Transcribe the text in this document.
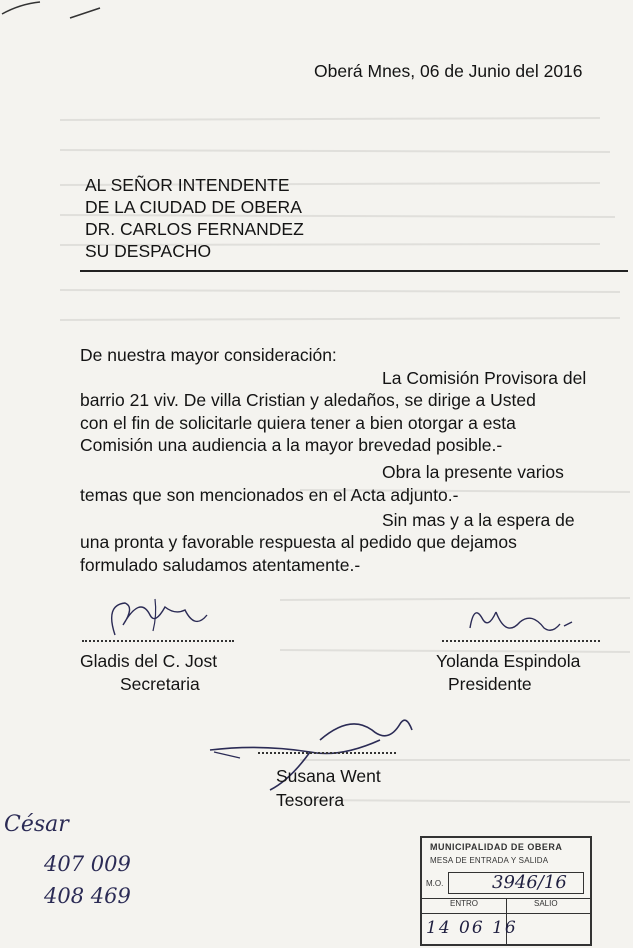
Oberá Mnes, 06 de Junio del 2016
AL SEÑOR INTENDENTE
DE LA CIUDAD DE OBERA
DR. CARLOS FERNANDEZ
SU DESPACHO
De nuestra mayor consideración:
La Comisión Provisora del
barrio 21 viv. De villa Cristian y aledaños, se dirige a Usted
con el fin de solicitarle quiera tener a bien otorgar a esta
Comisión una audiencia a la mayor brevedad posible.-
Obra la presente varios
temas que son mencionados en el Acta adjunto.-
Sin mas y a la espera de
una pronta y favorable respuesta al pedido que dejamos
formulado saludamos atentamente.-
Gladis del C. Jost
Secretaria
Yolanda Espindola
Presidente
Susana Went
Tesorera
César
407 009
408 469
MUNICIPALIDAD DE OBERA
MESA DE ENTRADA Y SALIDA
M.O.	3946/16
ENTRO	SALIO
14 06 16
